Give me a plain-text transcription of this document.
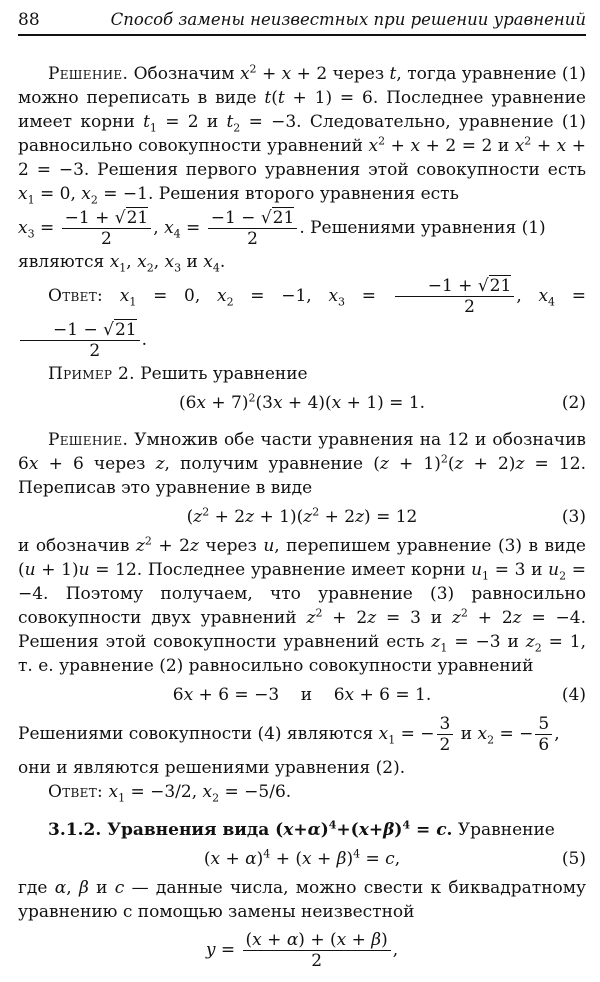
88	Способ замены неизвестных при решении уравнений

Решение. Обозначим $x^2 + x + 2$ через t, тогда уравнение (1) можно переписать в виде t(t + 1) = 6. Последнее уравнение имеет корни $t_1 = 2$ и $t_2 = -3$. Следовательно, уравнение (1) равносильно совокупности уравнений $x^2 + x + 2 = 2$ и $x^2 + x + 2 = -3$. Решения первого уравнения этой совокупности есть $x_1 = 0$, $x_2 = -1$. Решения второго уравнения есть

$x_3 = \frac{-1 + √21}{2}$ , $x_4 = \frac{-1 - √21}{2}$ . Решениями уравнения (1)

являются $x_1$, $x_2$, $x_3$ и $x_4$.

Ответ: $x_1 = 0$, $x_2 = -1$, $x_3 = \frac{-1 + √21}{2}$ , $x_4$ =
$\frac{-1 - √21}{2}$ .

Пример 2. Решить уравнение

$(6x + 7)^2(3x + 4)(x + 1) = 1$.	(2)

Решение. Умножив обе части уравнения на 12 и обозначив 6x + 6 через z, получим уравнение $(z + 1)^2(z + 2)z = 12$. Переписав это уравнение в виде

$(z^2 + 2z + 1)(z^2 + 2z) = 12$	(3)

и обозначив $z^2 + 2z$ через u, перепишем уравнение (3) в виде (u + 1)u = 12. Последнее уравнение имеет корни $u_1 = 3$ и $u_2 = -4$. Поэтому получаем, что уравнение (3) равносильно совокупности двух уравнений $z^2 + 2z = 3$ и $z^2 + 2z = -4$. Решения этой совокупности уравнений есть $z_1 = -3$ и $z_2 = 1$, т. е. уравнение (2) равносильно совокупности уравнений

6x + 6 = −3    и    6x + 6 = 1.	(4)

Решениями совокупности (4) являются $x_1$ = − $\frac{3}{2}$ и $x_2$ = − $\frac{5}{6}$ ,

они и являются решениями уравнения (2).

Ответ: $x_1 = -3/2$, $x_2 = -5/6$.

3.1.2. Уравнения вида $(x+\alpha)^4+(x+\beta)^4 = c$. Уравнение

$(x + \alpha)^4 + (x + \beta)^4 = c$,	(5)

где α, β и c — данные числа, можно свести к биквадратному уравнению с помощью замены неизвестной

$y = \frac{(x + \alpha) + (x + \beta)}{2}$ ,
